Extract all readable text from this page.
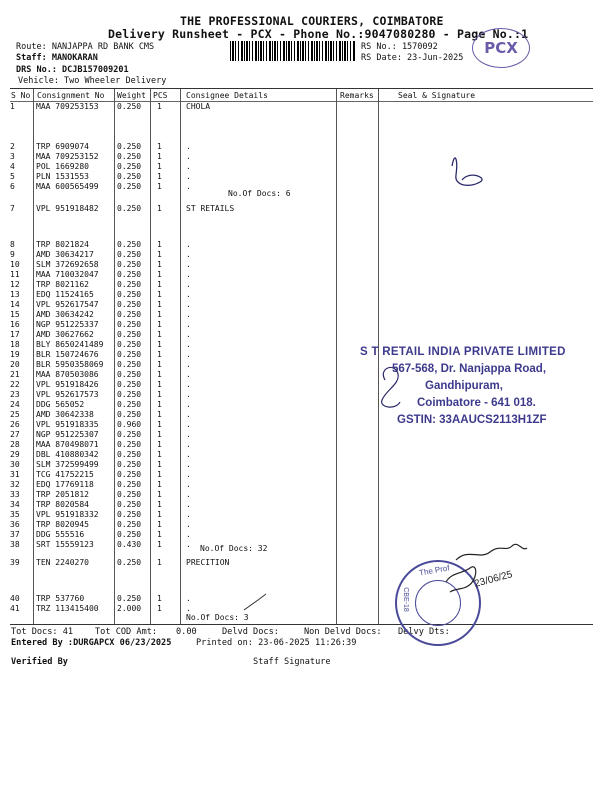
THE PROFESSIONAL COURIERS, COIMBATORE
Delivery Runsheet - PCX - Phone No.:9047080280 - Page No.:1
Route: NANJAPPA RD BANK CMS
Staff: MANOKARAN
DRS No.: DCJB157009201
Vehicle: Two Wheeler Delivery
RS No.: 1570092
RS Date: 23-Jun-2025
PCX
S No Consignment No Weight PCS Consignee Details	Remarks	Seal & Signature
1	MAA 709253153 0.250 1	CHOLA
2	TRP 6909074	0.250 1	.
3	MAA 709253152 0.250 1	.
4	POL 1669280	0.250 1	.
5	PLN 1531553	0.250 1	.
6	MAA 600565499 0.250 1	.
7	VPL 951918482 0.250 1	ST RETAILS
8	TRP 8021824	0.250 1	.
9	AMD 30634217	0.250 1	.
10 SLM 372692658 0.250 1	.
11 MAA 710032047 0.250 1	.
12 TRP 8021162	0.250 1	.
13 EDQ 11524165	0.250 1	.
14 VPL 952617547 0.250 1	.
15 AMD 30634242	0.250 1	.
16 NGP 951225337 0.250 1	.
17 AMD 30627662	0.250 1	.
18 BLY 8650241489 0.250 1	.
19 BLR 150724676 0.250 1	.
20 BLR 5950358069 0.250 1	.
21 MAA 870503086 0.250 1	.
22 VPL 951918426 0.250 1	.
23 VPL 952617573 0.250 1	.
24 DDG 565052	0.250 1	.
25 AMD 30642338	0.250 1	.
26 VPL 951918335 0.960 1	.
27 NGP 951225307 0.250 1	.
28 MAA 870498071 0.250 1	.
29 DBL 410880342 0.250 1	.
30 SLM 372599499 0.250 1	.
31 TCG 41752215	0.250 1	.
32 EDQ 17769118	0.250 1	.
33 TRP 2051812	0.250 1	.
34 TRP 8020584	0.250 1	.
35 VPL 951918332 0.250 1	.
36 TRP 8020945	0.250 1	.
37 DDG 555516	0.250 1	.
38 SRT 15559123	0.430 1	.
39 TEN 2240270	0.250 1	PRECITION
40 TRP 537760	0.250 1	.
41 TRZ 113415400 2.000 1	.
No.Of Docs: 6
No.Of Docs: 32
No.Of Docs: 3
Tot Docs: 41	Tot COD Amt: 0.00	Delvd Docs:	Non Delvd Docs: Delvy Dts:
Entered By :DURGAPCX 06/23/2025	Printed on: 23-06-2025 11:26:39
Verified By	Staff Signature
S T RETAIL INDIA PRIVATE LIMITED
567-568, Dr. Nanjappa Road,
Gandhipuram,
Coimbatore - 641 018.
GSTIN: 33AAUCS2113H1ZF
The Prof
CBE-18
23/06/25
